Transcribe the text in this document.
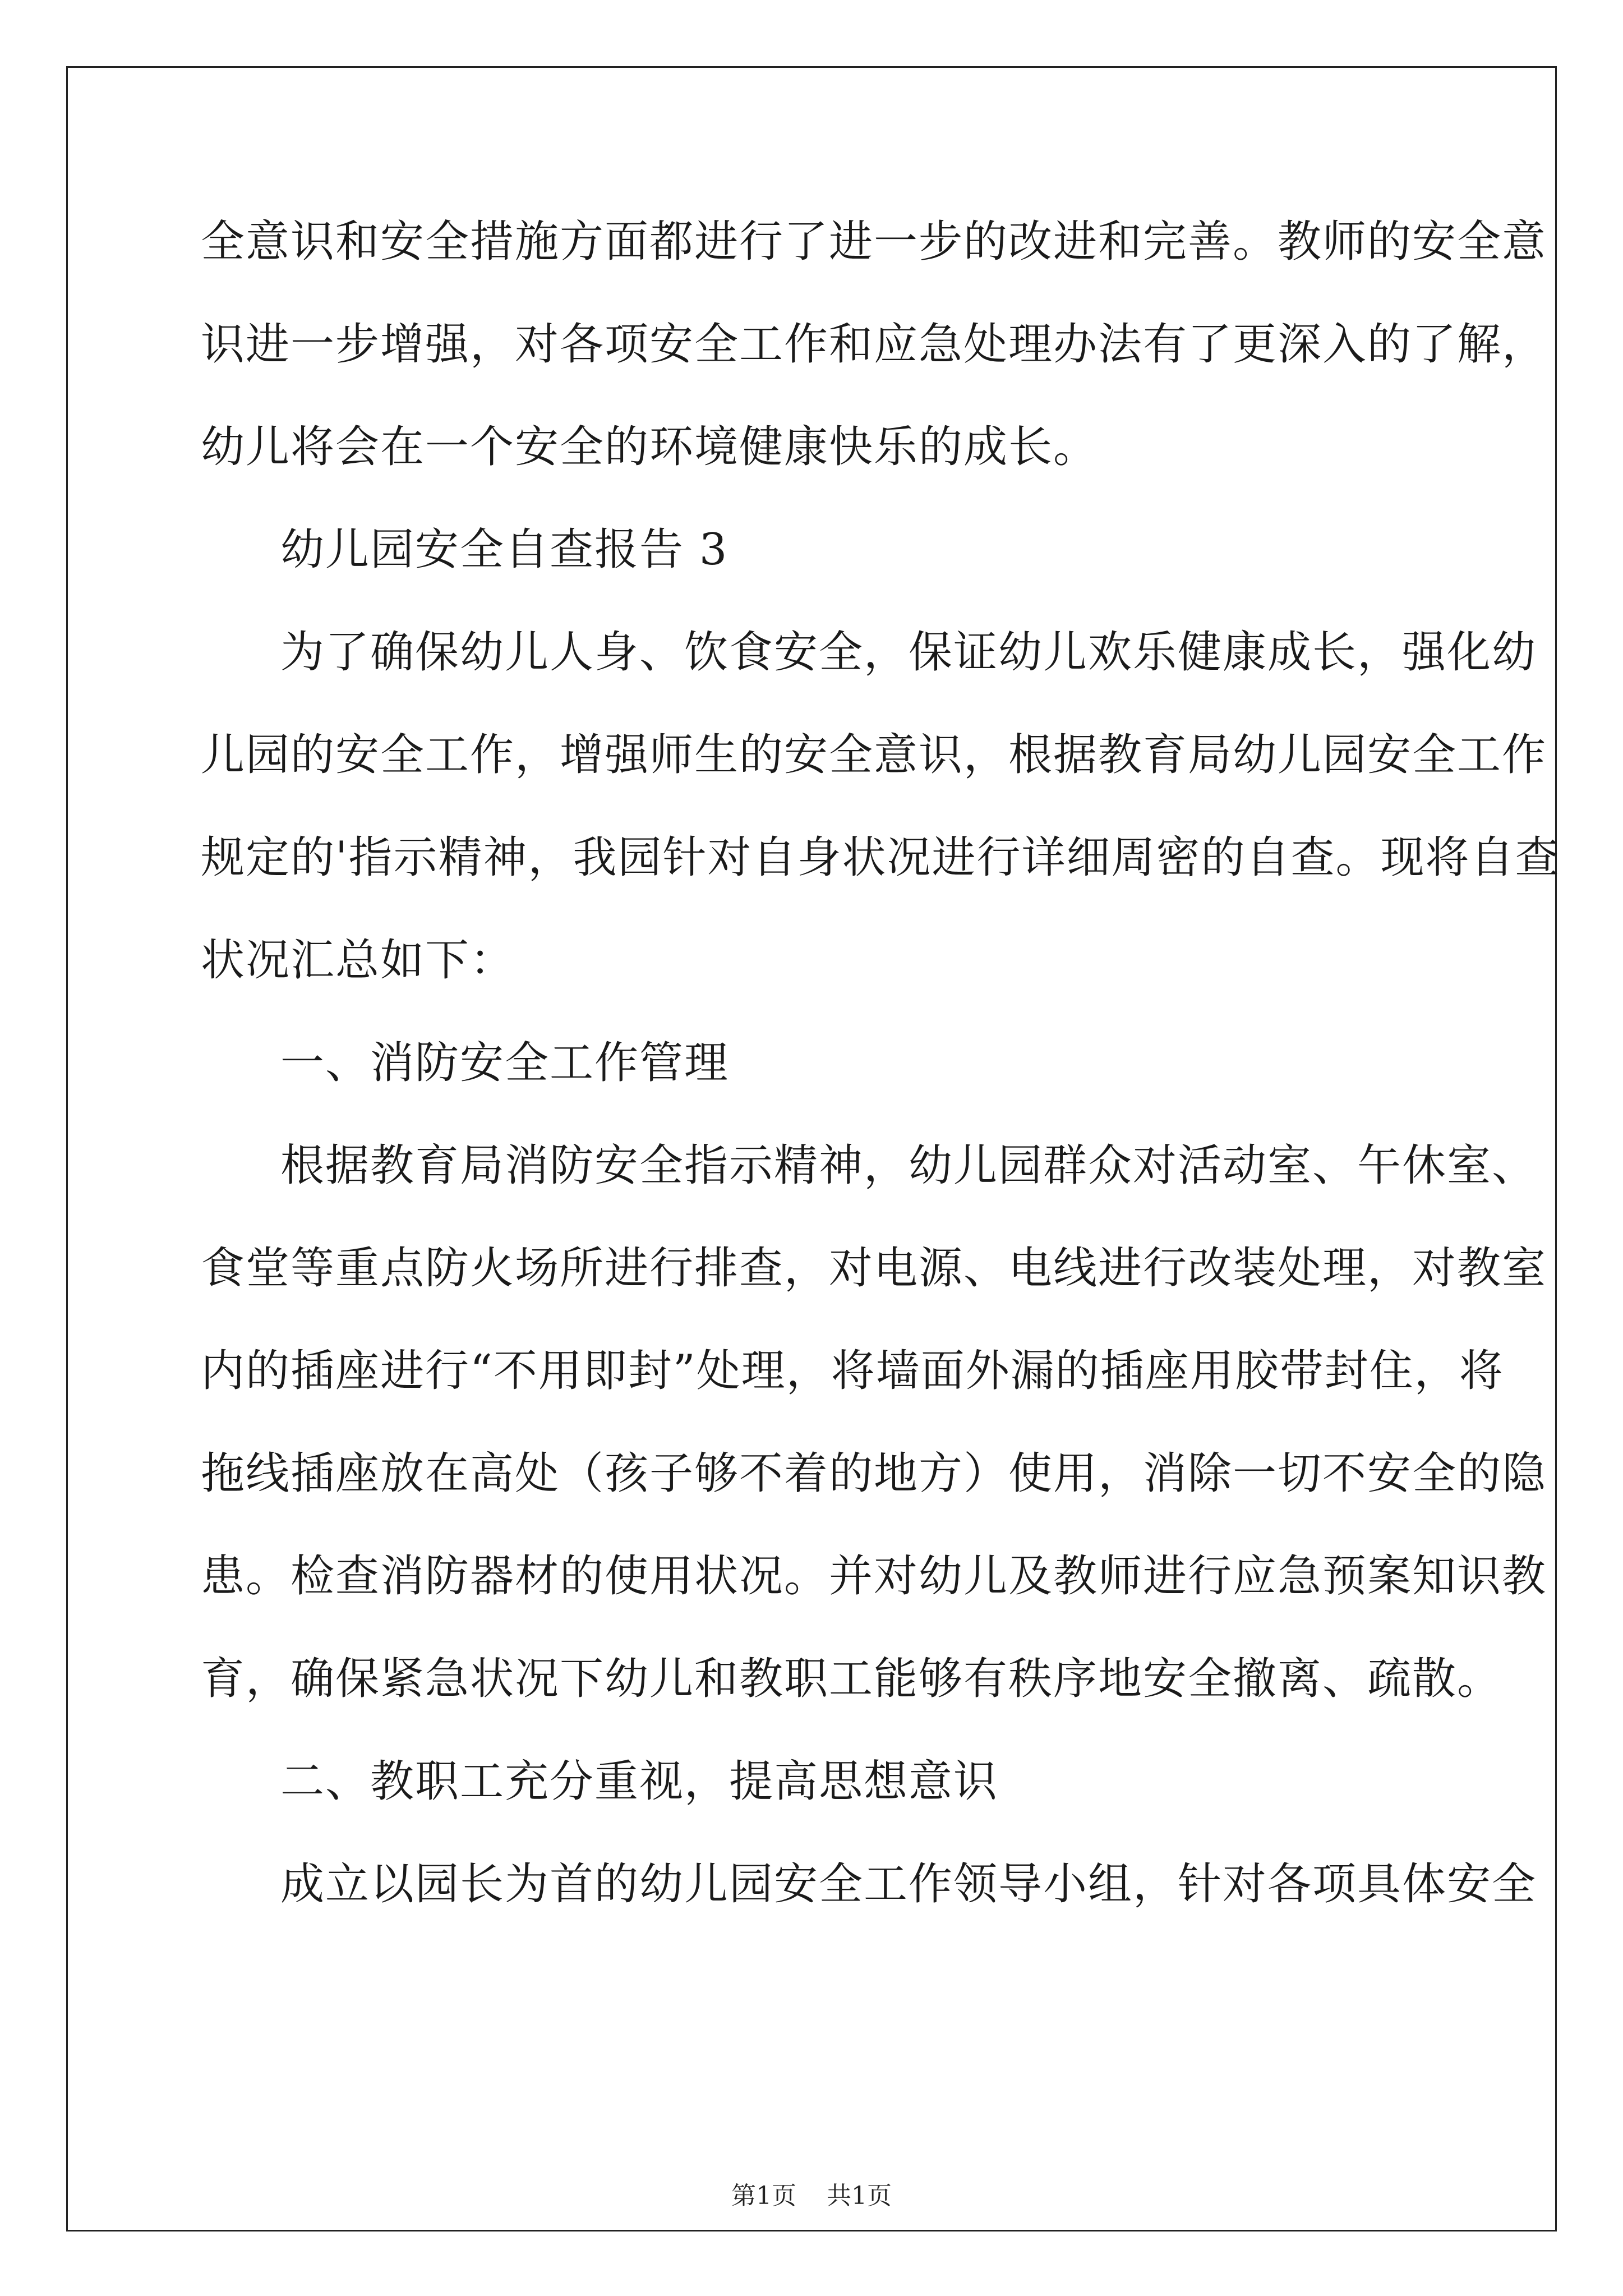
全意识和安全措施方面都进行了进一步的改进和完善。教师的安全意
识进一步增强，对各项安全工作和应急处理办法有了更深入的了解，
幼儿将会在一个安全的环境健康快乐的成长。
幼儿园安全自查报告 3
为了确保幼儿人身、饮食安全，保证幼儿欢乐健康成长，强化幼
儿园的安全工作，增强师生的安全意识，根据教育局幼儿园安全工作
规定的'指示精神，我园针对自身状况进行详细周密的自查。现将自查
状况汇总如下：
一、消防安全工作管理
根据教育局消防安全指示精神，幼儿园群众对活动室、午休室、
食堂等重点防火场所进行排查，对电源、电线进行改装处理，对教室
内的插座进行“不用即封”处理，将墙面外漏的插座用胶带封住，将
拖线插座放在高处（孩子够不着的地方）使用，消除一切不安全的隐
患。检查消防器材的使用状况。并对幼儿及教师进行应急预案知识教
育，确保紧急状况下幼儿和教职工能够有秩序地安全撤离、疏散。
二、教职工充分重视，提高思想意识
成立以园长为首的幼儿园安全工作领导小组，针对各项具体安全
第1页 共1页
